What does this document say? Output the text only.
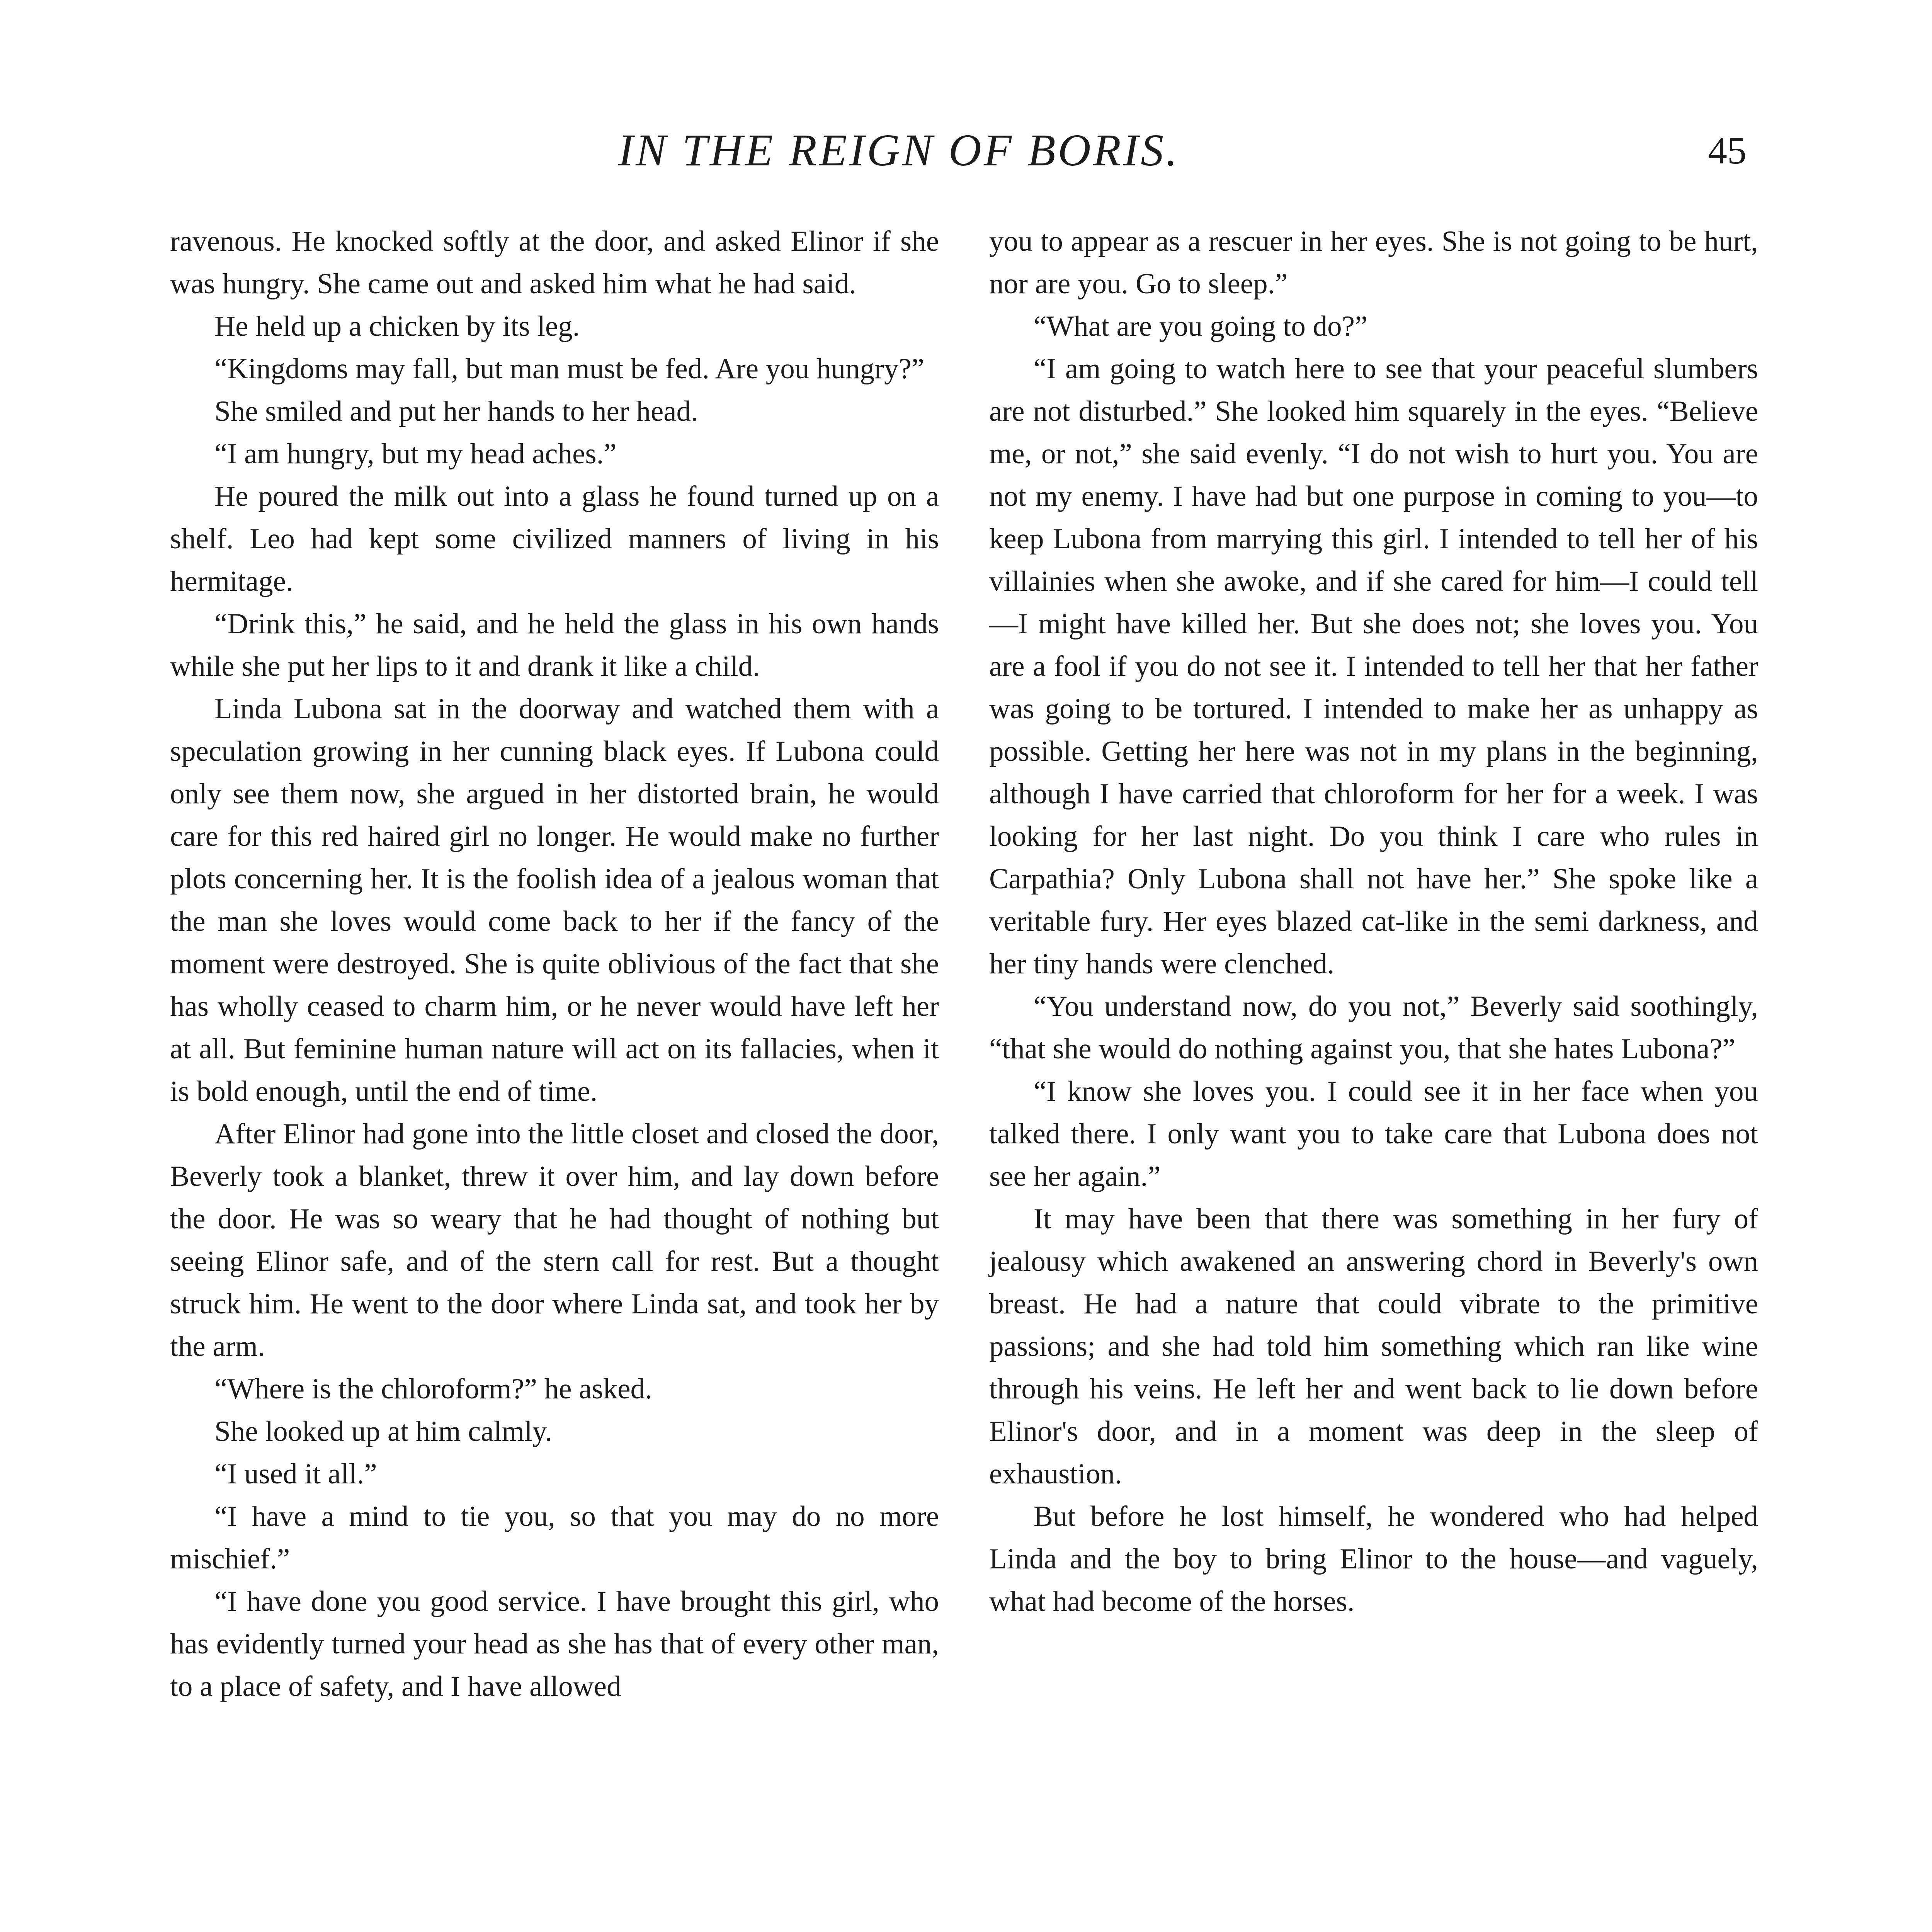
IN THE REIGN OF BORIS.	45

ravenous. He knocked softly at the door, and asked Elinor if she was hungry. She came out and asked him what he had said.

He held up a chicken by its leg.

“Kingdoms may fall, but man must be fed. Are you hungry?”

She smiled and put her hands to her head.

“I am hungry, but my head aches.”

He poured the milk out into a glass he found turned up on a shelf. Leo had kept some civilized manners of living in his hermitage.

“Drink this,” he said, and he held the glass in his own hands while she put her lips to it and drank it like a child.

Linda Lubona sat in the doorway and watched them with a speculation growing in her cunning black eyes. If Lubona could only see them now, she argued in her distorted brain, he would care for this red haired girl no longer. He would make no further plots concerning her. It is the foolish idea of a jealous woman that the man she loves would come back to her if the fancy of the moment were destroyed. She is quite oblivious of the fact that she has wholly ceased to charm him, or he never would have left her at all. But feminine human nature will act on its fallacies, when it is bold enough, until the end of time.

After Elinor had gone into the little closet and closed the door, Beverly took a blanket, threw it over him, and lay down before the door. He was so weary that he had thought of nothing but seeing Elinor safe, and of the stern call for rest. But a thought struck him. He went to the door where Linda sat, and took her by the arm.

“Where is the chloroform?” he asked.

She looked up at him calmly.

“I used it all.”

“I have a mind to tie you, so that you may do no more mischief.”

“I have done you good service. I have brought this girl, who has evidently turned your head as she has that of every other man, to a place of safety, and I have allowed

you to appear as a rescuer in her eyes. She is not going to be hurt, nor are you. Go to sleep.”

“What are you going to do?”

“I am going to watch here to see that your peaceful slumbers are not disturbed.” She looked him squarely in the eyes. “Believe me, or not,” she said evenly. “I do not wish to hurt you. You are not my enemy. I have had but one purpose in coming to you—to keep Lubona from marrying this girl. I intended to tell her of his villainies when she awoke, and if she cared for him—I could tell—I might have killed her. But she does not; she loves you. You are a fool if you do not see it. I intended to tell her that her father was going to be tortured. I intended to make her as unhappy as possible. Getting her here was not in my plans in the beginning, although I have carried that chloroform for her for a week. I was looking for her last night. Do you think I care who rules in Carpathia? Only Lubona shall not have her.” She spoke like a veritable fury. Her eyes blazed cat-like in the semi darkness, and her tiny hands were clenched.

“You understand now, do you not,” Beverly said soothingly, “that she would do nothing against you, that she hates Lubona?”

“I know she loves you. I could see it in her face when you talked there. I only want you to take care that Lubona does not see her again.”

It may have been that there was something in her fury of jealousy which awakened an answering chord in Beverly's own breast. He had a nature that could vibrate to the primitive passions; and she had told him something which ran like wine through his veins. He left her and went back to lie down before Elinor's door, and in a moment was deep in the sleep of exhaustion.

But before he lost himself, he wondered who had helped Linda and the boy to bring Elinor to the house—and vaguely, what had become of the horses.
